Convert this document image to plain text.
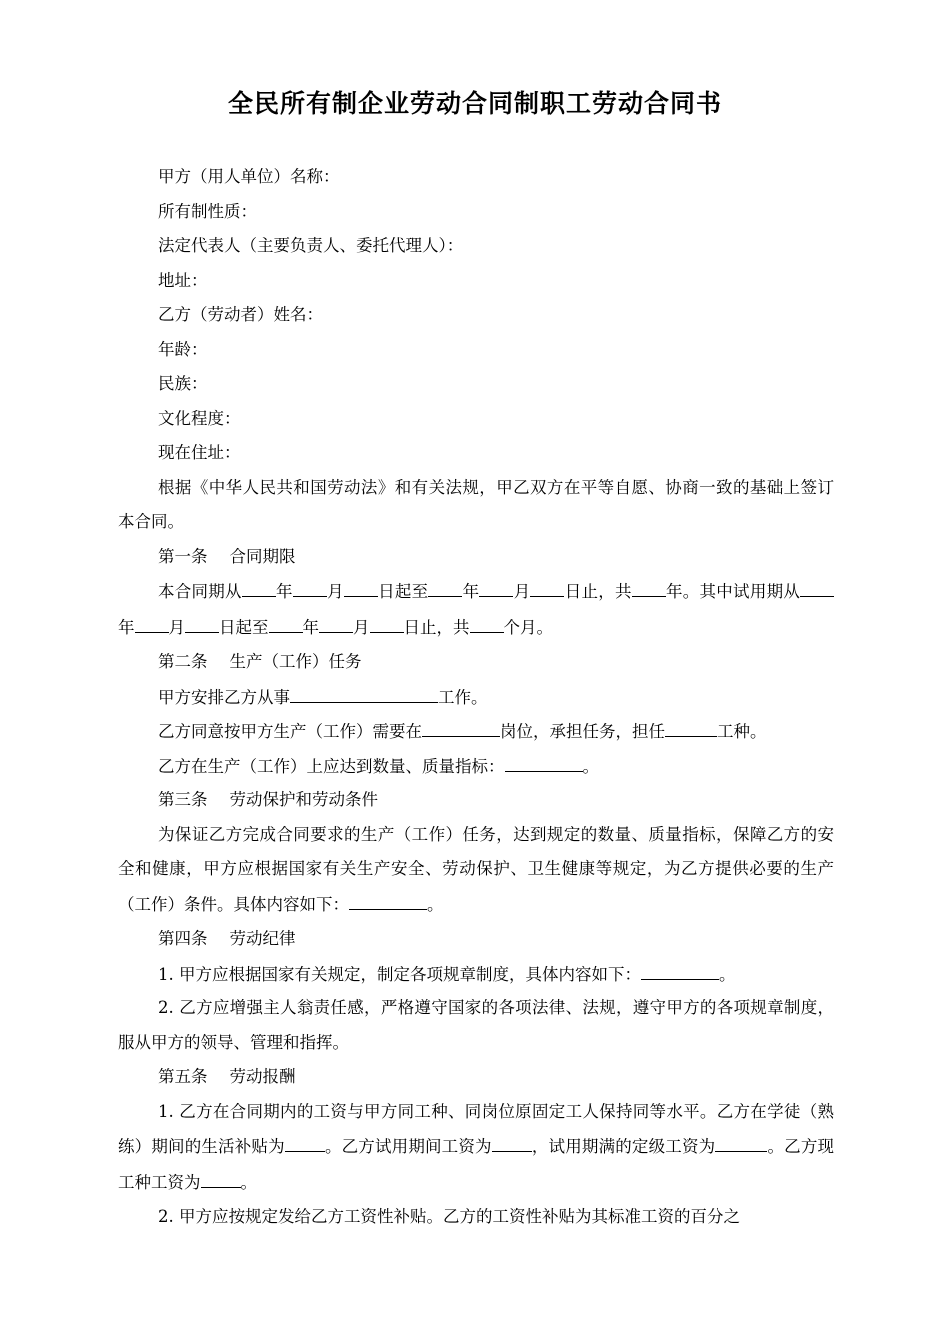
全民所有制企业劳动合同制职工劳动合同书
甲方（用人单位）名称：
所有制性质：
法定代表人（主要负责人、委托代理人）：
地址：
乙方（劳动者）姓名：
年龄：
民族：
文化程度：
现在住址：
根据《中华人民共和国劳动法》和有关法规，甲乙双方在平等自愿、协商一致的基础上签订本合同。
第一条 合同期限
本合同期从 年 月 日起至 年 月 日止，共 年。其中试用期从年 月 日起至 年 月 日止，共 个月。
第二条 生产（工作）任务
甲方安排乙方从事	工作。
乙方同意按甲方生产（工作）需要在	岗位，承担任务，担任	工种。
乙方在生产（工作）上应达到数量、质量指标：	。
第三条 劳动保护和劳动条件
为保证乙方完成合同要求的生产（工作）任务，达到规定的数量、质量指标，保障乙方的安全和健康，甲方应根据国家有关生产安全、劳动保护、卫生健康等规定，为乙方提供必要的生产（工作）条件。具体内容如下：	。
第四条 劳动纪律
1. 甲方应根据国家有关规定，制定各项规章制度，具体内容如下：	。
2. 乙方应增强主人翁责任感，严格遵守国家的各项法律、法规，遵守甲方的各项规章制度，服从甲方的领导、管理和指挥。
第五条 劳动报酬
1. 乙方在合同期内的工资与甲方同工种、同岗位原固定工人保持同等水平。乙方在学徒（熟练）期间的生活补贴为 。乙方试用期间工资为 ，试用期满的定级工资为	。乙方现工种工资为 。
2. 甲方应按规定发给乙方工资性补贴。乙方的工资性补贴为其标准工资的百分之
